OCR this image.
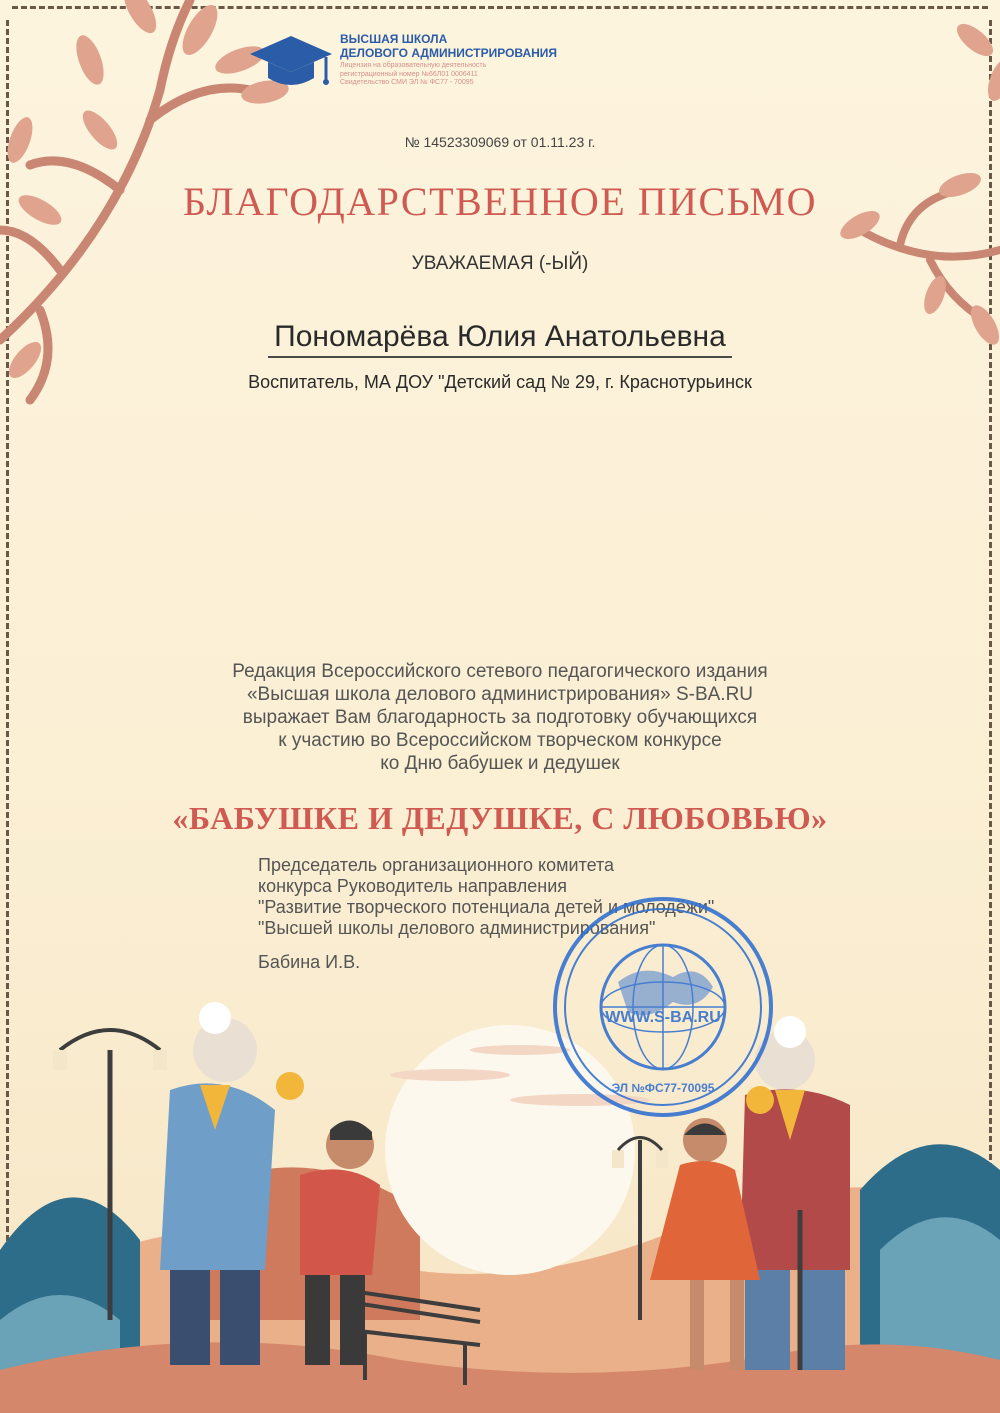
ВЫСШАЯ ШКОЛА
ДЕЛОВОГО АДМИНИСТРИРОВАНИЯ
Лицензия на образовательную деятельность
регистрационный номер №66Л01 0006411
Свидетельство СМИ ЭЛ № ФС77 - 70095
№ 14523309069 от 01.11.23 г.
БЛАГОДАРСТВЕННОЕ ПИСЬМО
УВАЖАЕМАЯ (-ЫЙ)
Пономарёва Юлия Анатольевна
Воспитатель, МА ДОУ "Детский сад № 29, г. Краснотурьинск
Редакция Всероссийского сетевого педагогического издания
«Высшая школа делового администрирования» S-BA.RU
выражает Вам благодарность за подготовку обучающихся
к участию во Всероссийском творческом конкурсе
ко Дню бабушек и дедушек
«БАБУШКЕ И ДЕДУШКЕ, С ЛЮБОВЬЮ»
Председатель организационного комитета
конкурса Руководитель направления
"Развитие творческого потенциала детей и молодёжи"
"Высшей школы делового администрирования"
Бабина И.В.
WWW.S-BA.RU
ЭЛ №ФС77-70095
